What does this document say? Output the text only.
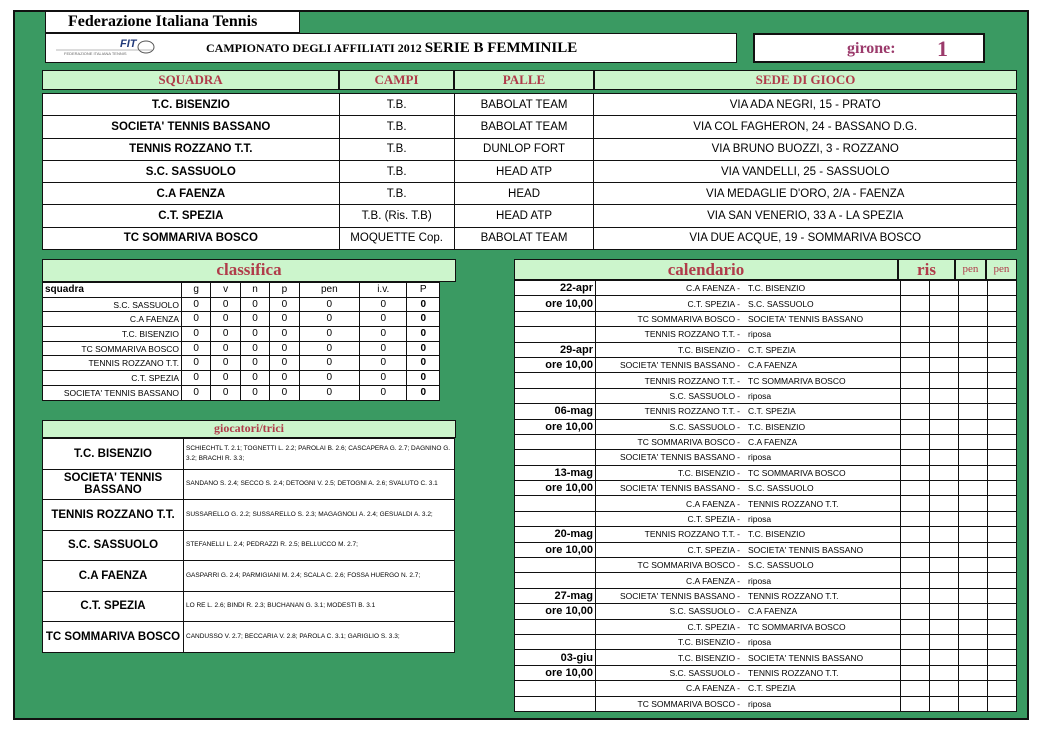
Federazione Italiana Tennis
FIT
FEDERAZIONE ITALIANA TENNIS	CAMPIONATO DEGLI AFFILIATI 2012 SERIE B FEMMINILE	girone: 1
SQUADRA	CAMPI	PALLE	SEDE DI GIOCO
T.C. BISENZIO	T.B.	BABOLAT TEAM	VIA ADA NEGRI, 15 - PRATO
SOCIETA' TENNIS BASSANO	T.B.	BABOLAT TEAM	VIA COL FAGHERON, 24 - BASSANO D.G.
TENNIS ROZZANO T.T.	T.B.	DUNLOP FORT	VIA BRUNO BUOZZI, 3 - ROZZANO
S.C. SASSUOLO	T.B.	HEAD ATP	VIA VANDELLI, 25 - SASSUOLO
C.A FAENZA	T.B.	HEAD	VIA MEDAGLIE D'ORO, 2/A - FAENZA
C.T. SPEZIA	T.B. (Ris. T.B)	HEAD ATP	VIA SAN VENERIO, 33 A - LA SPEZIA
TC SOMMARIVA BOSCO	MOQUETTE Cop.	BABOLAT TEAM	VIA DUE ACQUE, 19 - SOMMARIVA BOSCO
classifica
squadra	g	v	n	p	pen	i.v.	P
S.C. SASSUOLO	0	0	0	0	0	0	0
C.A FAENZA	0	0	0	0	0	0	0
T.C. BISENZIO	0	0	0	0	0	0	0
TC SOMMARIVA BOSCO	0	0	0	0	0	0	0
TENNIS ROZZANO T.T.	0	0	0	0	0	0	0
C.T. SPEZIA	0	0	0	0	0	0	0
SOCIETA' TENNIS BASSANO	0	0	0	0	0	0	0
giocatori/trici
T.C. BISENZIO	SCHIECHTL T. 2.1; TOGNETTI L. 2.2; PAROLAI B. 2.6; CASCAPERA G. 2.7; DAGNINO G. 3.2; BRACHI R. 3.3;
SOCIETA' TENNIS BASSANO	SANDANO S. 2.4; SECCO S. 2.4; DETOGNI V. 2.5; DETOGNI A. 2.6; SVALUTO C. 3.1
TENNIS ROZZANO T.T.	SUSSARELLO G. 2.2; SUSSARELLO S. 2.3; MAGAGNOLI A. 2.4; GESUALDI A. 3.2;
S.C. SASSUOLO	STEFANELLI L. 2.4; PEDRAZZI R. 2.5; BELLUCCO M. 2.7;
C.A FAENZA	GASPARRI G. 2.4; PARMIGIANI M. 2.4; SCALA C. 2.6; FOSSA HUERGO N. 2.7;
C.T. SPEZIA	LO RE L. 2.6; BINDI R. 2.3; BUCHANAN G. 3.1; MODESTI B. 3.1
TC SOMMARIVA BOSCO	CANDUSSO V. 2.7; BECCARIA V. 2.8; PAROLA C. 3.1; GARIGLIO S. 3.3;
calendario	ris	pen	pen
22-apr	C.A FAENZA -	T.C. BISENZIO				
ore 10,00	C.T. SPEZIA -	S.C. SASSUOLO				
	TC SOMMARIVA BOSCO -	SOCIETA' TENNIS BASSANO				
	TENNIS ROZZANO T.T. -	riposa				
29-apr	T.C. BISENZIO -	C.T. SPEZIA				
ore 10,00	SOCIETA' TENNIS BASSANO -	C.A FAENZA				
	TENNIS ROZZANO T.T. -	TC SOMMARIVA BOSCO				
	S.C. SASSUOLO -	riposa				
06-mag	TENNIS ROZZANO T.T. -	C.T. SPEZIA				
ore 10,00	S.C. SASSUOLO -	T.C. BISENZIO				
	TC SOMMARIVA BOSCO -	C.A FAENZA				
	SOCIETA' TENNIS BASSANO -	riposa				
13-mag	T.C. BISENZIO -	TC SOMMARIVA BOSCO				
ore 10,00	SOCIETA' TENNIS BASSANO -	S.C. SASSUOLO				
	C.A FAENZA -	TENNIS ROZZANO T.T.				
	C.T. SPEZIA -	riposa				
20-mag	TENNIS ROZZANO T.T. -	T.C. BISENZIO				
ore 10,00	C.T. SPEZIA -	SOCIETA' TENNIS BASSANO				
	TC SOMMARIVA BOSCO -	S.C. SASSUOLO				
	C.A FAENZA -	riposa				
27-mag	SOCIETA' TENNIS BASSANO -	TENNIS ROZZANO T.T.				
ore 10,00	S.C. SASSUOLO -	C.A FAENZA				
	C.T. SPEZIA -	TC SOMMARIVA BOSCO				
	T.C. BISENZIO -	riposa				
03-giu	T.C. BISENZIO -	SOCIETA' TENNIS BASSANO				
ore 10,00	S.C. SASSUOLO -	TENNIS ROZZANO T.T.				
	C.A FAENZA -	C.T. SPEZIA				
	TC SOMMARIVA BOSCO -	riposa				
